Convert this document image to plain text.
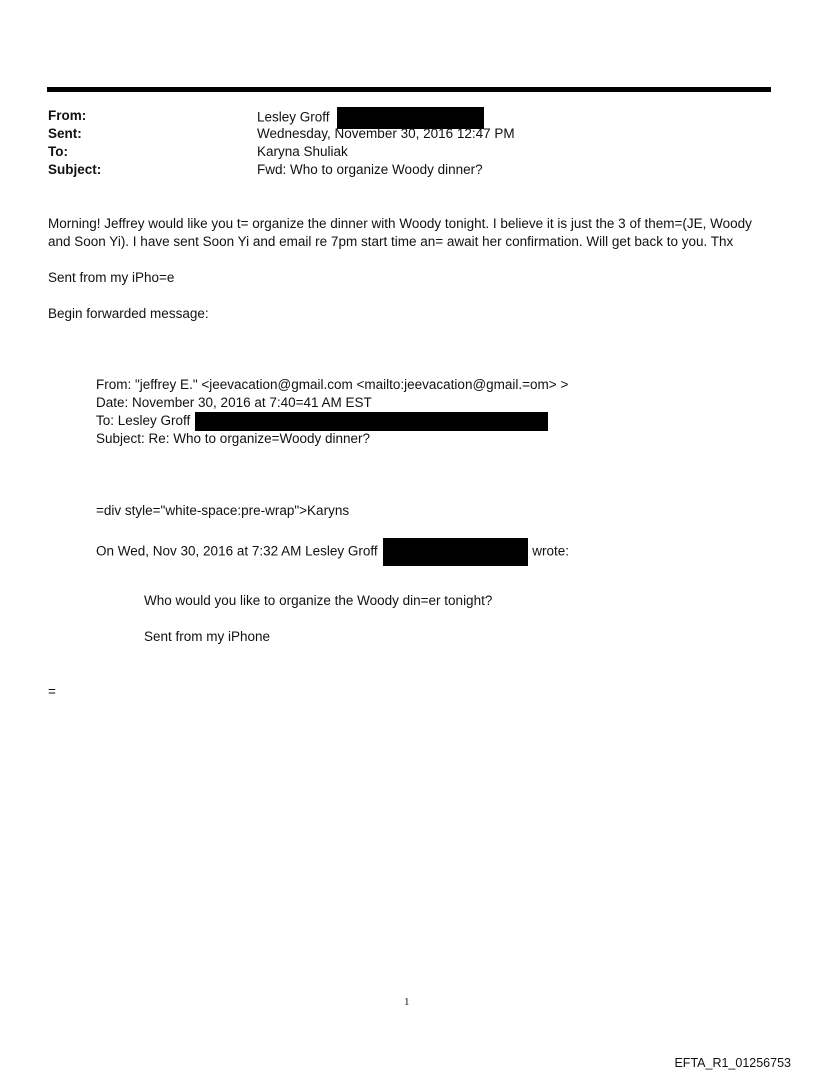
From:	Lesley Groff
Sent:	Wednesday, November 30, 2016 12:47 PM
To:	Karyna Shuliak
Subject:	Fwd: Who to organize Woody dinner?
Morning! Jeffrey would like you t= organize the dinner with Woody tonight. I believe it is just the 3 of them=(JE, Woody
and Soon Yi). I have sent Soon Yi and email re 7pm start time an= await her confirmation. Will get back to you. Thx
Sent from my iPho=e
Begin forwarded message:
From: "jeffrey E." <jeevacation@gmail.com <mailto:jeevacation@gmail.=om> >
Date: November 30, 2016 at 7:40=41 AM EST
To: Lesley Groff
Subject: Re: Who to organize=Woody dinner?
=div style="white-space:pre-wrap">Karyns
On Wed, Nov 30, 2016 at 7:32 AM Lesley Groff	wrote:
Who would you like to organize the Woody din=er tonight?
Sent from my iPhone
=
1
EFTA_R1_01256753
